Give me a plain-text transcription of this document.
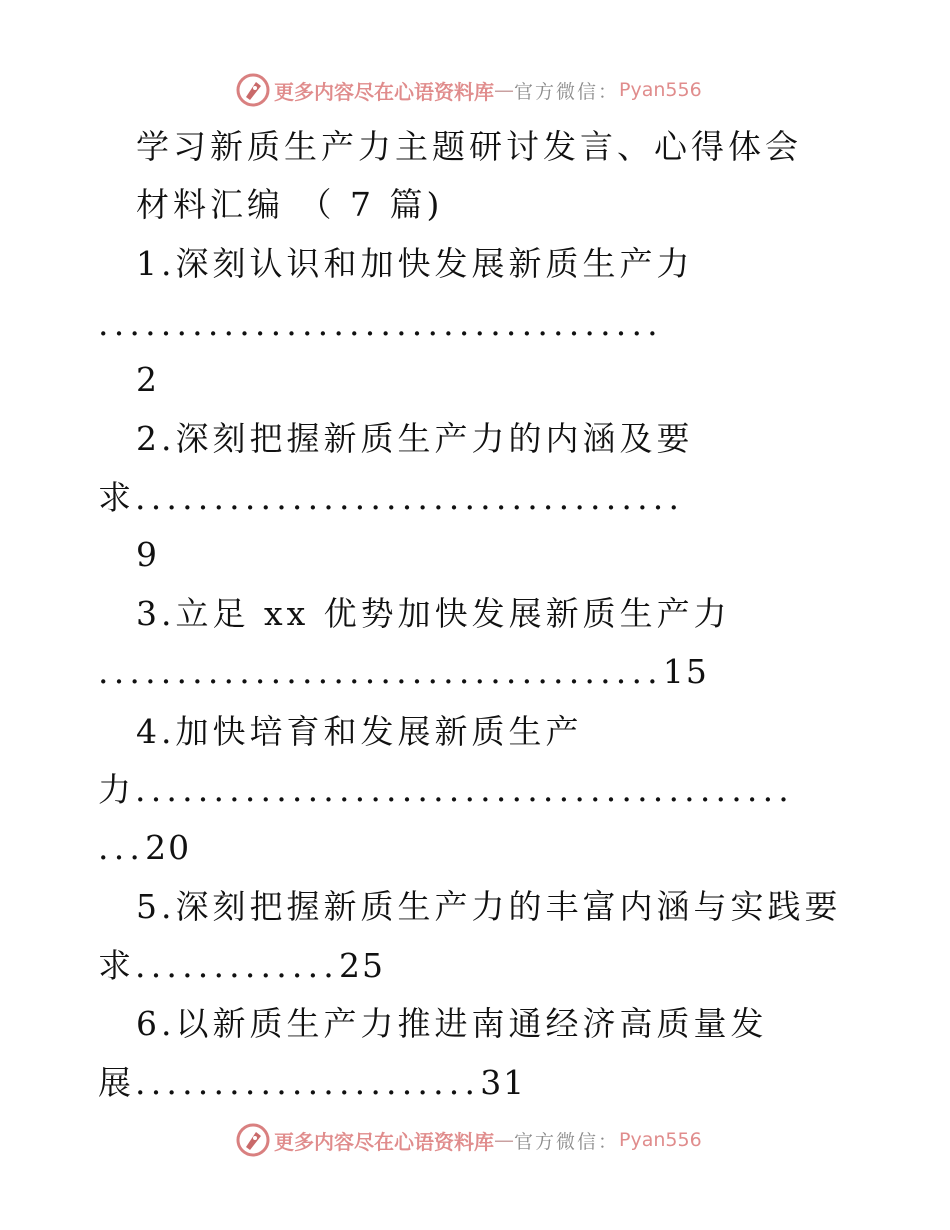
更多内容尽在心语资料库 — 官方微信： Pyan556
学习新质生产力主题研讨发言、心得体会
材料汇编 （ 7 篇)
1.深刻认识和加快发展新质生产力
....................................
2
2.深刻把握新质生产力的内涵及要
求...................................
9
3.立足 xx 优势加快发展新质生产力
....................................15
4.加快培育和发展新质生产
力..........................................
...20
5.深刻把握新质生产力的丰富内涵与实践要
求.............25
6.以新质生产力推进南通经济高质量发
展......................31
更多内容尽在心语资料库 — 官方微信： Pyan556
